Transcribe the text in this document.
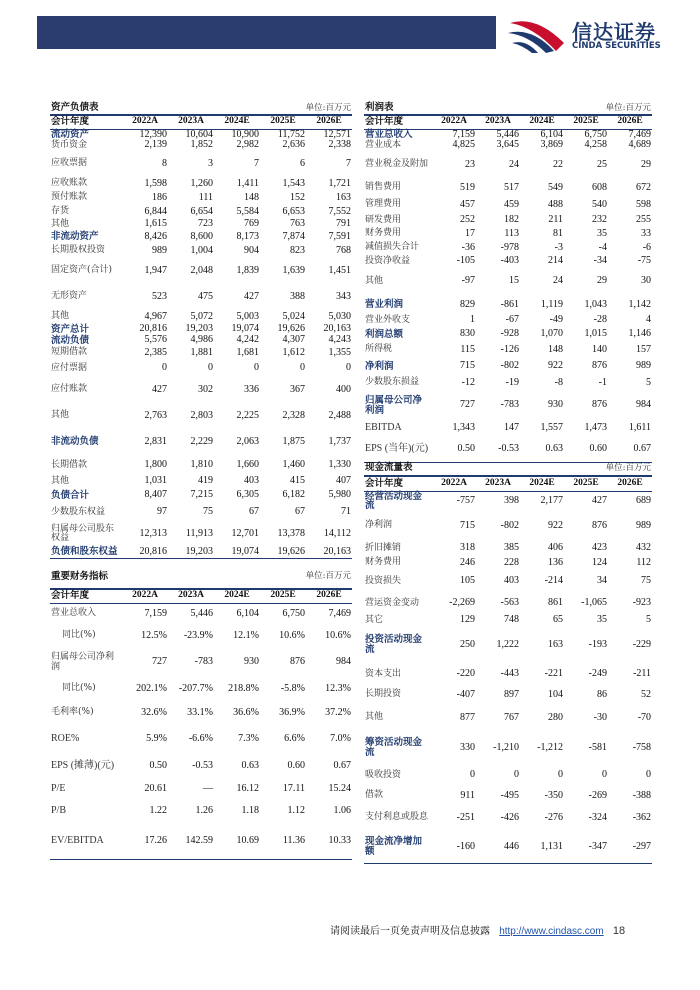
信达证券
CINDA SECURITIES
资产负债表			单位:百万元		
会计年度	2022A	2023A	2024E	2025E	2026E
流动资产	12,390	10,604	10,900	11,752	12,571
货币资金	2,139	1,852	2,982	2,636	2,338
应收票据	8	3	7	6	7
应收账款	1,598	1,260	1,411	1,543	1,721
预付账款	186	111	148	152	163
存货	6,844	6,654	5,584	6,653	7,552
其他	1,615	723	769	763	791
非流动资产	8,426	8,600	8,173	7,874	7,591
长期股权投资	989	1,004	904	823	768
固定资产(合计)	1,947	2,048	1,839	1,639	1,451
无形资产	523	475	427	388	343
其他	4,967	5,072	5,003	5,024	5,030
资产总计	20,816	19,203	19,074	19,626	20,163
流动负债	5,576	4,986	4,242	4,307	4,243
短期借款	2,385	1,881	1,681	1,612	1,355
应付票据	0	0	0	0	0
应付账款	427	302	336	367	400
其他	2,763	2,803	2,225	2,328	2,488
非流动负债	2,831	2,229	2,063	1,875	1,737
长期借款	1,800	1,810	1,660	1,460	1,330
其他	1,031	419	403	415	407
负债合计	8,407	7,215	6,305	6,182	5,980
少数股东权益	97	75	67	67	71
归属母公司股东权益	12,313	11,913	12,701	13,378	14,112
负债和股东权益	20,816	19,203	19,074	19,626	20,163
重要财务指标				单位:百万元	
会计年度	2022A	2023A	2024E	2025E	2026E
营业总收入	7,159	5,446	6,104	6,750	7,469
同比(%)	12.5%	-23.9%	12.1%	10.6%	10.6%
归属母公司净利润	727	-783	930	876	984
同比(%)	202.1%	-207.7%	218.8%	-5.8%	12.3%
毛利率(%)	32.6%	33.1%	36.6%	36.9%	37.2%
ROE%	5.9%	-6.6%	7.3%	6.6%	7.0%
EPS (摊薄)(元)	0.50	-0.53	0.63	0.60	0.67
P/E	20.61	—	16.12	17.11	15.24
P/B	1.22	1.26	1.18	1.12	1.06
EV/EBITDA	17.26	142.59	10.69	11.36	10.33
利润表			单位:百万元		
会计年度	2022A	2023A	2024E	2025E	2026E
营业总收入	7,159	5,446	6,104	6,750	7,469
营业成本	4,825	3,645	3,869	4,258	4,689
营业税金及附加	23	24	22	25	29
销售费用	519	517	549	608	672
管理费用	457	459	488	540	598
研发费用	252	182	211	232	255
财务费用	17	113	81	35	33
减值损失合计	-36	-978	-3	-4	-6
投资净收益	-105	-403	214	-34	-75
其他	-97	15	24	29	30
营业利润	829	-861	1,119	1,043	1,142
营业外收支	1	-67	-49	-28	4
利润总额	830	-928	1,070	1,015	1,146
所得税	115	-126	148	140	157
净利润	715	-802	922	876	989
少数股东损益	-12	-19	-8	-1	5
归属母公司净利润	727	-783	930	876	984
EBITDA	1,343	147	1,557	1,473	1,611
EPS (当年)(元)	0.50	-0.53	0.63	0.60	0.67
现金流量表			单位:百万元		
会计年度	2022A	2023A	2024E	2025E	2026E
经营活动现金流	-757	398	2,177	427	689
净利润	715	-802	922	876	989
折旧摊销	318	385	406	423	432
财务费用	246	228	136	124	112
投资损失	105	403	-214	34	75
营运资金变动	-2,269	-563	861	-1,065	-923
其它	129	748	65	35	5
投资活动现金流	250	1,222	163	-193	-229
资本支出	-220	-443	-221	-249	-211
长期投资	-407	897	104	86	52
其他	877	767	280	-30	-70
筹资活动现金流	330	-1,210	-1,212	-581	-758
吸收投资	0	0	0	0	0
借款	911	-495	-350	-269	-388
支付利息或股息	-251	-426	-276	-324	-362
现金流净增加额	-160	446	1,131	-347	-297
请阅读最后一页免责声明及信息披露 http://www.cindasc.com 18
